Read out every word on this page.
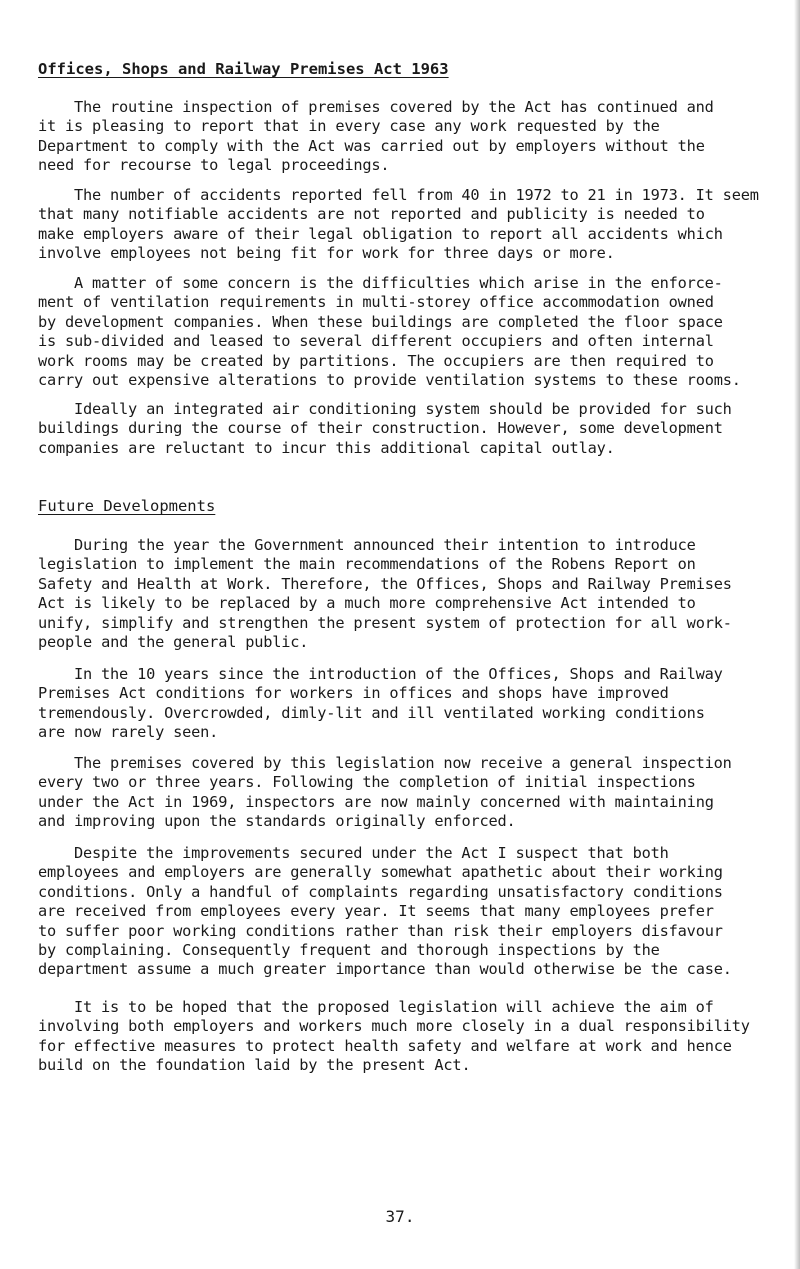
Offices, Shops and Railway Premises Act 1963
The routine inspection of premises covered by the Act has continued and
it is pleasing to report that in every case any work requested by the
Department to comply with the Act was carried out by employers without the
need for recourse to legal proceedings.
The number of accidents reported fell from 40 in 1972 to 21 in 1973. It seem
that many notifiable accidents are not reported and publicity is needed to
make employers aware of their legal obligation to report all accidents which
involve employees not being fit for work for three days or more.
A matter of some concern is the difficulties which arise in the enforce-
ment of ventilation requirements in multi-storey office accommodation owned
by development companies. When these buildings are completed the floor space
is sub-divided and leased to several different occupiers and often internal
work rooms may be created by partitions. The occupiers are then required to
carry out expensive alterations to provide ventilation systems to these rooms.
Ideally an integrated air conditioning system should be provided for such
buildings during the course of their construction. However, some development
companies are reluctant to incur this additional capital outlay.
Future Developments
During the year the Government announced their intention to introduce
legislation to implement the main recommendations of the Robens Report on
Safety and Health at Work. Therefore, the Offices, Shops and Railway Premises
Act is likely to be replaced by a much more comprehensive Act intended to
unify, simplify and strengthen the present system of protection for all work-
people and the general public.
In the 10 years since the introduction of the Offices, Shops and Railway
Premises Act conditions for workers in offices and shops have improved
tremendously. Overcrowded, dimly-lit and ill ventilated working conditions
are now rarely seen.
The premises covered by this legislation now receive a general inspection
every two or three years. Following the completion of initial inspections
under the Act in 1969, inspectors are now mainly concerned with maintaining
and improving upon the standards originally enforced.
Despite the improvements secured under the Act I suspect that both
employees and employers are generally somewhat apathetic about their working
conditions. Only a handful of complaints regarding unsatisfactory conditions
are received from employees every year. It seems that many employees prefer
to suffer poor working conditions rather than risk their employers disfavour
by complaining. Consequently frequent and thorough inspections by the
department assume a much greater importance than would otherwise be the case.
It is to be hoped that the proposed legislation will achieve the aim of
involving both employers and workers much more closely in a dual responsibility
for effective measures to protect health safety and welfare at work and hence
build on the foundation laid by the present Act.
37.
